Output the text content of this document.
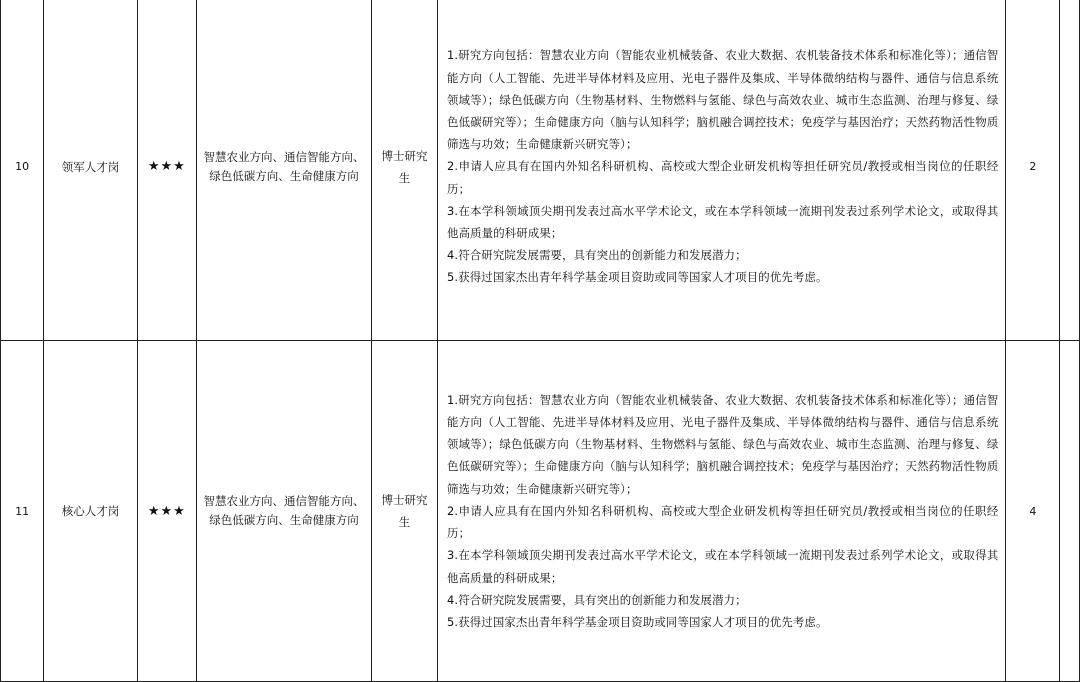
10	领军人才岗	★★★	智慧农业方向、通信智能方向、绿色低碳方向、生命健康方向	博士研究生	1.研究方向包括：智慧农业方向（智能农业机械装备、农业大数据、农机装备技术体系和标准化等）；通信智能方向（人工智能、先进半导体材料及应用、光电子器件及集成、半导体微纳结构与器件、通信与信息系统领域等）；绿色低碳方向（生物基材料、生物燃料与氢能、绿色与高效农业、城市生态监测、治理与修复、绿色低碳研究等）；生命健康方向（脑与认知科学；脑机融合调控技术；免疫学与基因治疗；天然药物活性物质筛选与功效；生命健康新兴研究等）；

2.申请人应具有在国内外知名科研机构、高校或大型企业研发机构等担任研究员/教授或相当岗位的任职经历；

3.在本学科领域顶尖期刊发表过高水平学术论文，或在本学科领域一流期刊发表过系列学术论文，或取得其他高质量的科研成果；

4.符合研究院发展需要，具有突出的创新能力和发展潜力；

5.获得过国家杰出青年科学基金项目资助或同等国家人才项目的优先考虑。	2	
11	核心人才岗	★★★	智慧农业方向、通信智能方向、绿色低碳方向、生命健康方向	博士研究生	1.研究方向包括：智慧农业方向（智能农业机械装备、农业大数据、农机装备技术体系和标准化等）；通信智能方向（人工智能、先进半导体材料及应用、光电子器件及集成、半导体微纳结构与器件、通信与信息系统领域等）；绿色低碳方向（生物基材料、生物燃料与氢能、绿色与高效农业、城市生态监测、治理与修复、绿色低碳研究等）；生命健康方向（脑与认知科学；脑机融合调控技术；免疫学与基因治疗；天然药物活性物质筛选与功效；生命健康新兴研究等）；

2.申请人应具有在国内外知名科研机构、高校或大型企业研发机构等担任研究员/教授或相当岗位的任职经历；

3.在本学科领域顶尖期刊发表过高水平学术论文，或在本学科领域一流期刊发表过系列学术论文，或取得其他高质量的科研成果；

4.符合研究院发展需要，具有突出的创新能力和发展潜力；

5.获得过国家杰出青年科学基金项目资助或同等国家人才项目的优先考虑。	4	
